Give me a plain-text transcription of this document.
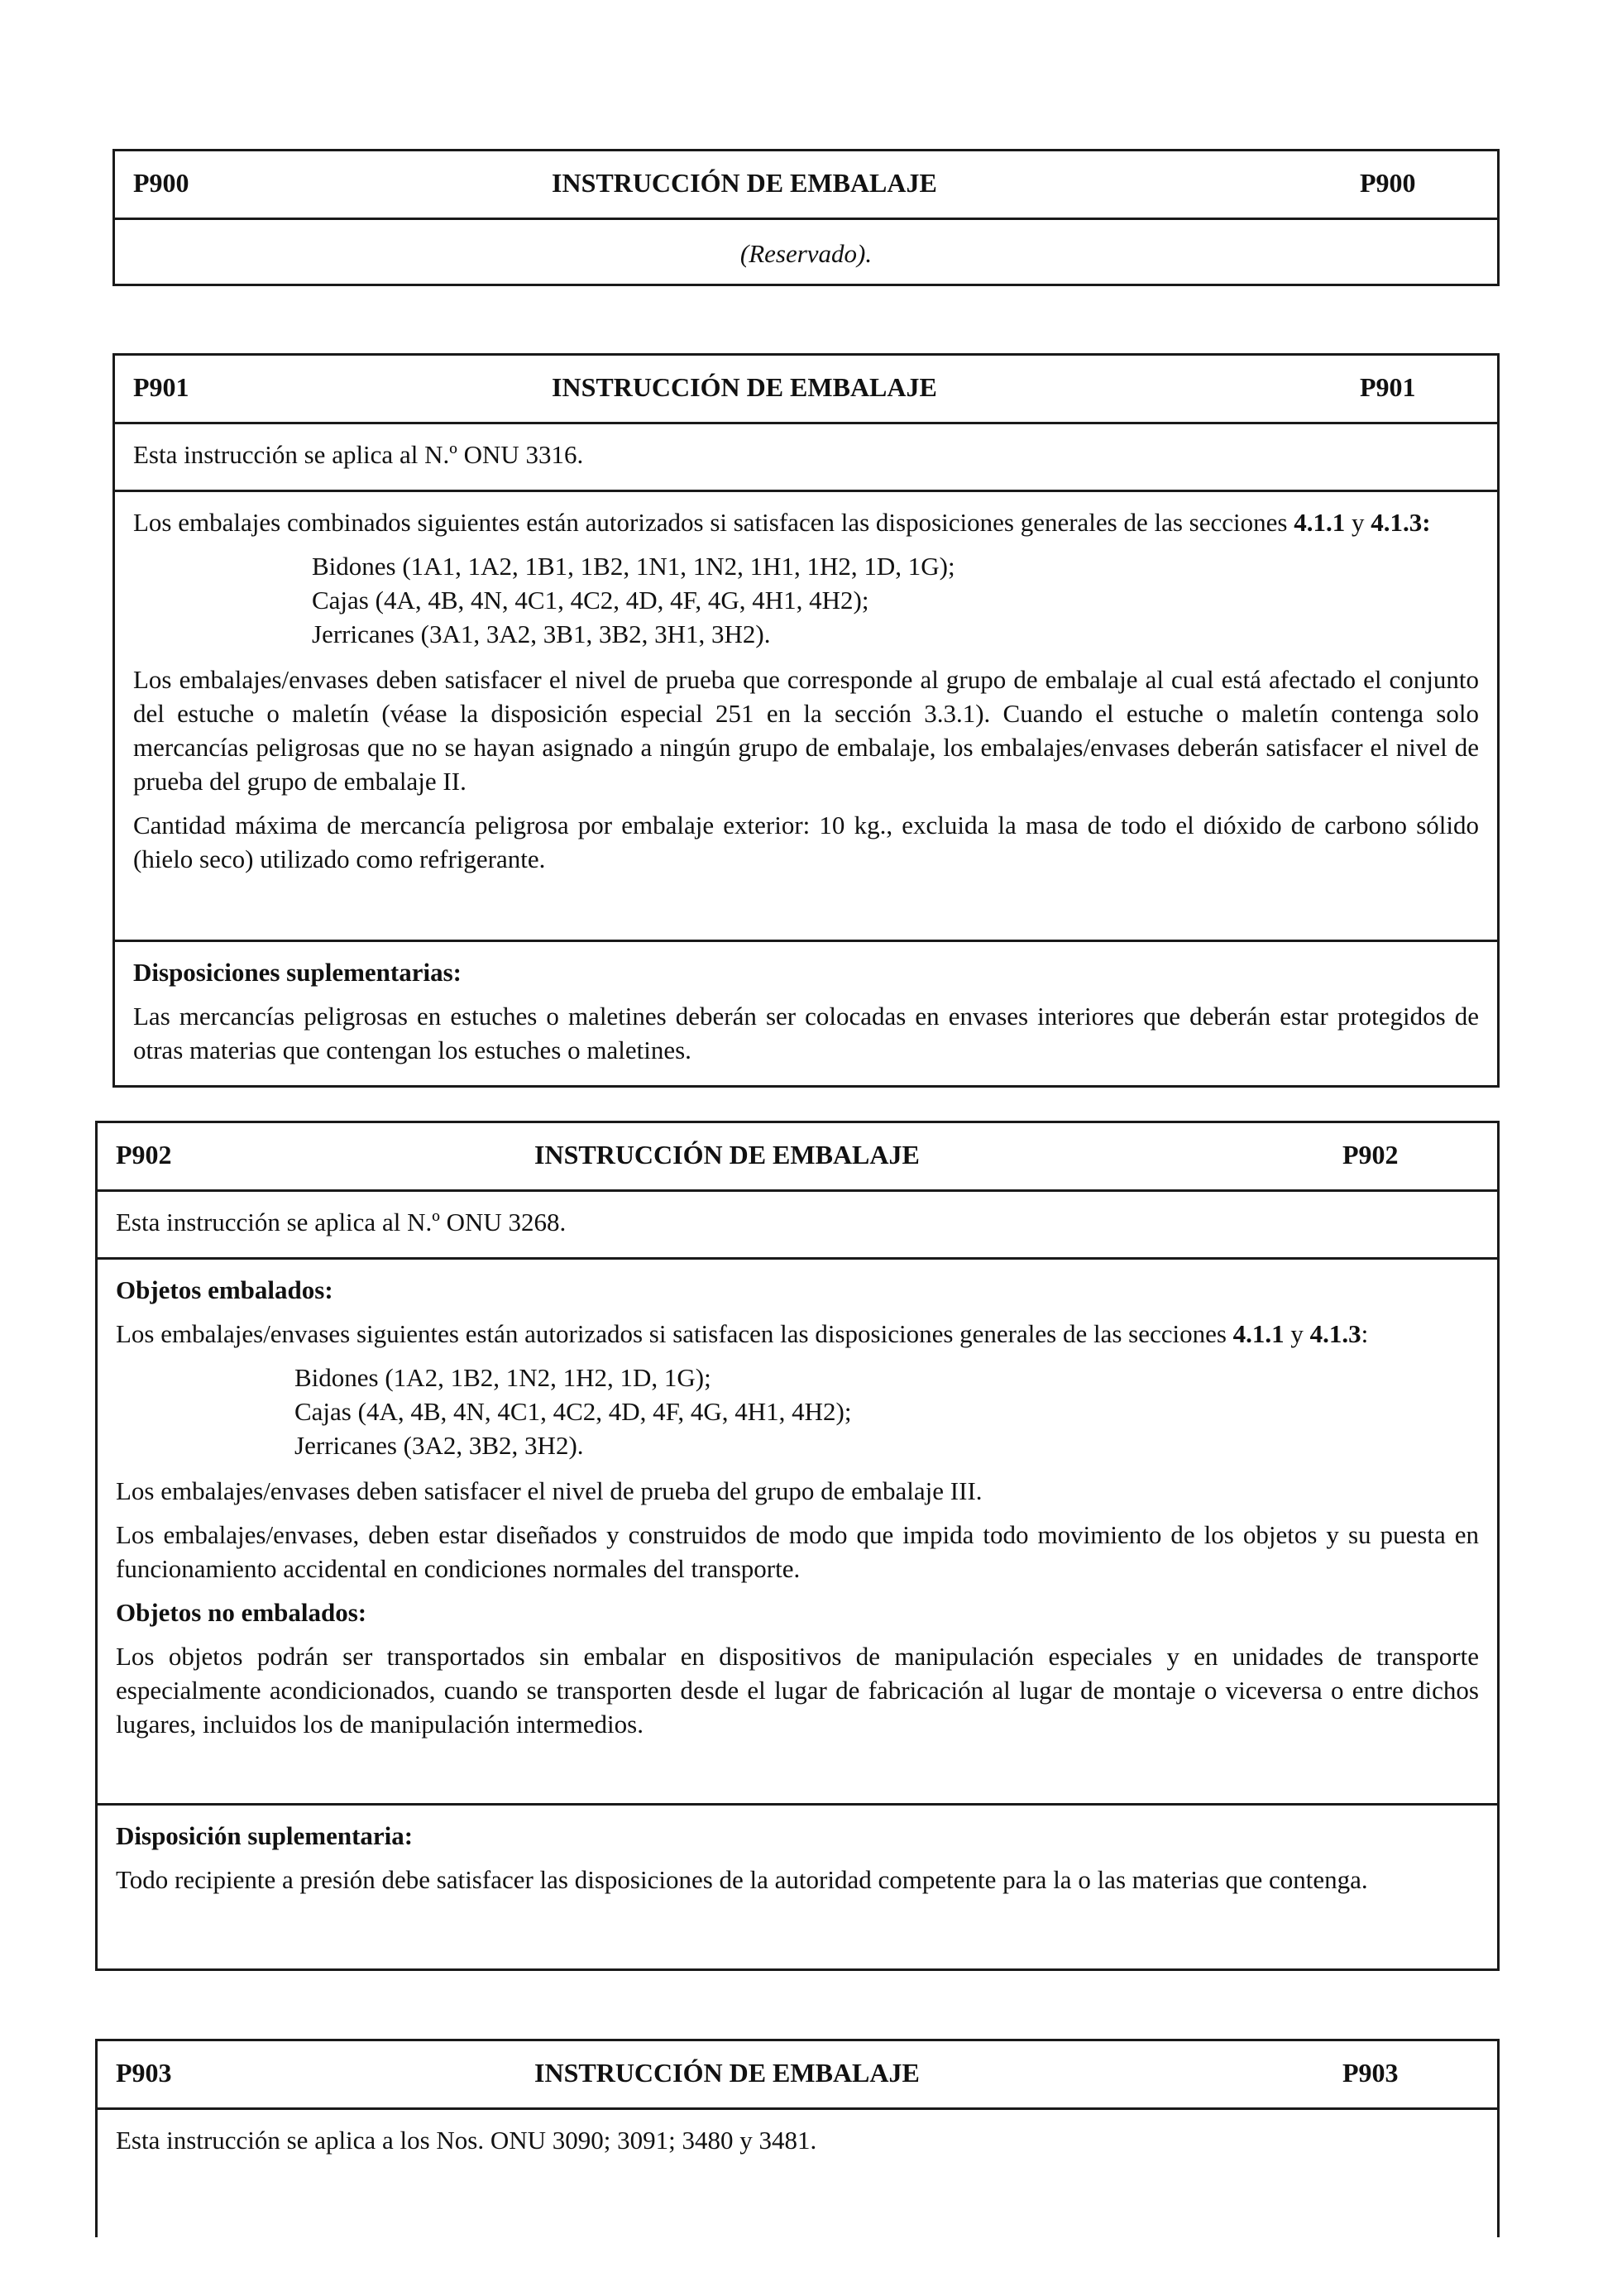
P900	INSTRUCCIÓN DE EMBALAJE	P900
(Reservado).
P901	INSTRUCCIÓN DE EMBALAJE	P901
Esta instrucción se aplica al N.º ONU 3316.

Los embalajes combinados siguientes están autorizados si satisfacen las disposiciones generales de las secciones 4.1.1 y 4.1.3:

Bidones (1A1, 1A2, 1B1, 1B2, 1N1, 1N2, 1H1, 1H2, 1D, 1G);
Cajas (4A, 4B, 4N, 4C1, 4C2, 4D, 4F, 4G, 4H1, 4H2);
Jerricanes (3A1, 3A2, 3B1, 3B2, 3H1, 3H2).

Los embalajes/envases deben satisfacer el nivel de prueba que corresponde al grupo de embalaje al cual está afectado el conjunto del estuche o maletín (véase la disposición especial 251 en la sección 3.3.1). Cuando el estuche o maletín contenga solo mercancías peligrosas que no se hayan asignado a ningún grupo de embalaje, los embalajes/envases deberán satisfacer el nivel de prueba del grupo de embalaje II.

Cantidad máxima de mercancía peligrosa por embalaje exterior: 10 kg., excluida la masa de todo el dióxido de carbono sólido (hielo seco) utilizado como refrigerante.

Disposiciones suplementarias:

Las mercancías peligrosas en estuches o maletines deberán ser colocadas en envases interiores que deberán estar protegidos de otras materias que contengan los estuches o maletines.

P902	INSTRUCCIÓN DE EMBALAJE	P902
Esta instrucción se aplica al N.º ONU 3268.

Objetos embalados:

Los embalajes/envases siguientes están autorizados si satisfacen las disposiciones generales de las secciones 4.1.1 y 4.1.3:

Bidones (1A2, 1B2, 1N2, 1H2, 1D, 1G);
Cajas (4A, 4B, 4N, 4C1, 4C2, 4D, 4F, 4G, 4H1, 4H2);
Jerricanes (3A2, 3B2, 3H2).

Los embalajes/envases deben satisfacer el nivel de prueba del grupo de embalaje III.

Los embalajes/envases, deben estar diseñados y construidos de modo que impida todo movimiento de los objetos y su puesta en funcionamiento accidental en condiciones normales del transporte.

Objetos no embalados:

Los objetos podrán ser transportados sin embalar en dispositivos de manipulación especiales y en unidades de transporte especialmente acondicionados, cuando se transporten desde el lugar de fabricación al lugar de montaje o viceversa o entre dichos lugares, incluidos los de manipulación intermedios.

Disposición suplementaria:

Todo recipiente a presión debe satisfacer las disposiciones de la autoridad competente para la o las materias que contenga.

P903	INSTRUCCIÓN DE EMBALAJE	P903
Esta instrucción se aplica a los Nos. ONU 3090; 3091; 3480 y 3481.
